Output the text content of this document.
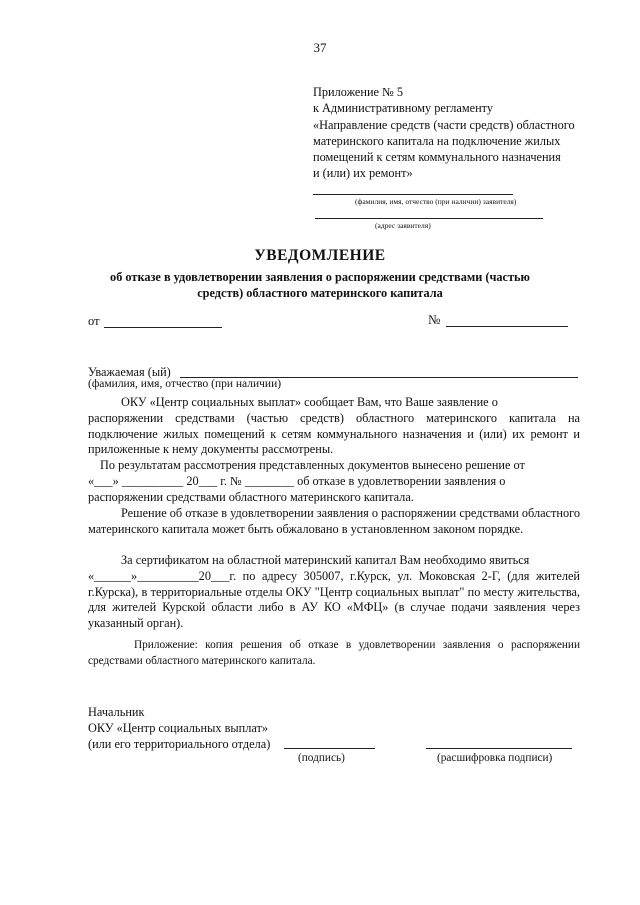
37
Приложение № 5
к Административному регламенту
«Направление средств (части средств) областного
материнского капитала на подключение жилых
помещений к сетям коммунального назначения
и (или) их ремонт»
(фамилия, имя, отчество (при наличии) заявителя)
(адрес заявителя)
УВЕДОМЛЕНИЕ
об отказе в удовлетворении заявления о распоряжении средствами (частью
средств) областного материнского капитала
от	№
Уважаемая (ый)
(фамилия, имя, отчество (при наличии)
ОКУ «Центр социальных выплат» сообщает Вам, что Ваше заявление о
распоряжении средствами (частью средств) областного материнского капитала на подключение жилых помещений к сетям коммунального назначения и (или) их ремонт и приложенные к нему документы рассмотрены.
По результатам рассмотрения представленных документов вынесено решение от
«___» __________ 20___ г. № ________ об отказе в удовлетворении заявления о
распоряжении средствами областного материнского капитала.
Решение об отказе в удовлетворении заявления о распоряжении средствами областного материнского капитала может быть обжаловано в установленном законом порядке.
За сертификатом на областной материнский капитал Вам необходимо явиться
«______»__________20___г. по адресу 305007, г.Курск, ул. Моковская 2-Г, (для жителей г.Курска), в территориальные отделы ОКУ "Центр социальных выплат" по месту жительства, для жителей Курской области либо в АУ КО «МФЦ» (в случае подачи заявления через указанный орган).
Приложение: копия решения об отказе в удовлетворении заявления о распоряжении средствами областного материнского капитала.
Начальник
ОКУ «Центр социальных выплат»
(или его территориального отдела)
(подпись)	(расшифровка подписи)
